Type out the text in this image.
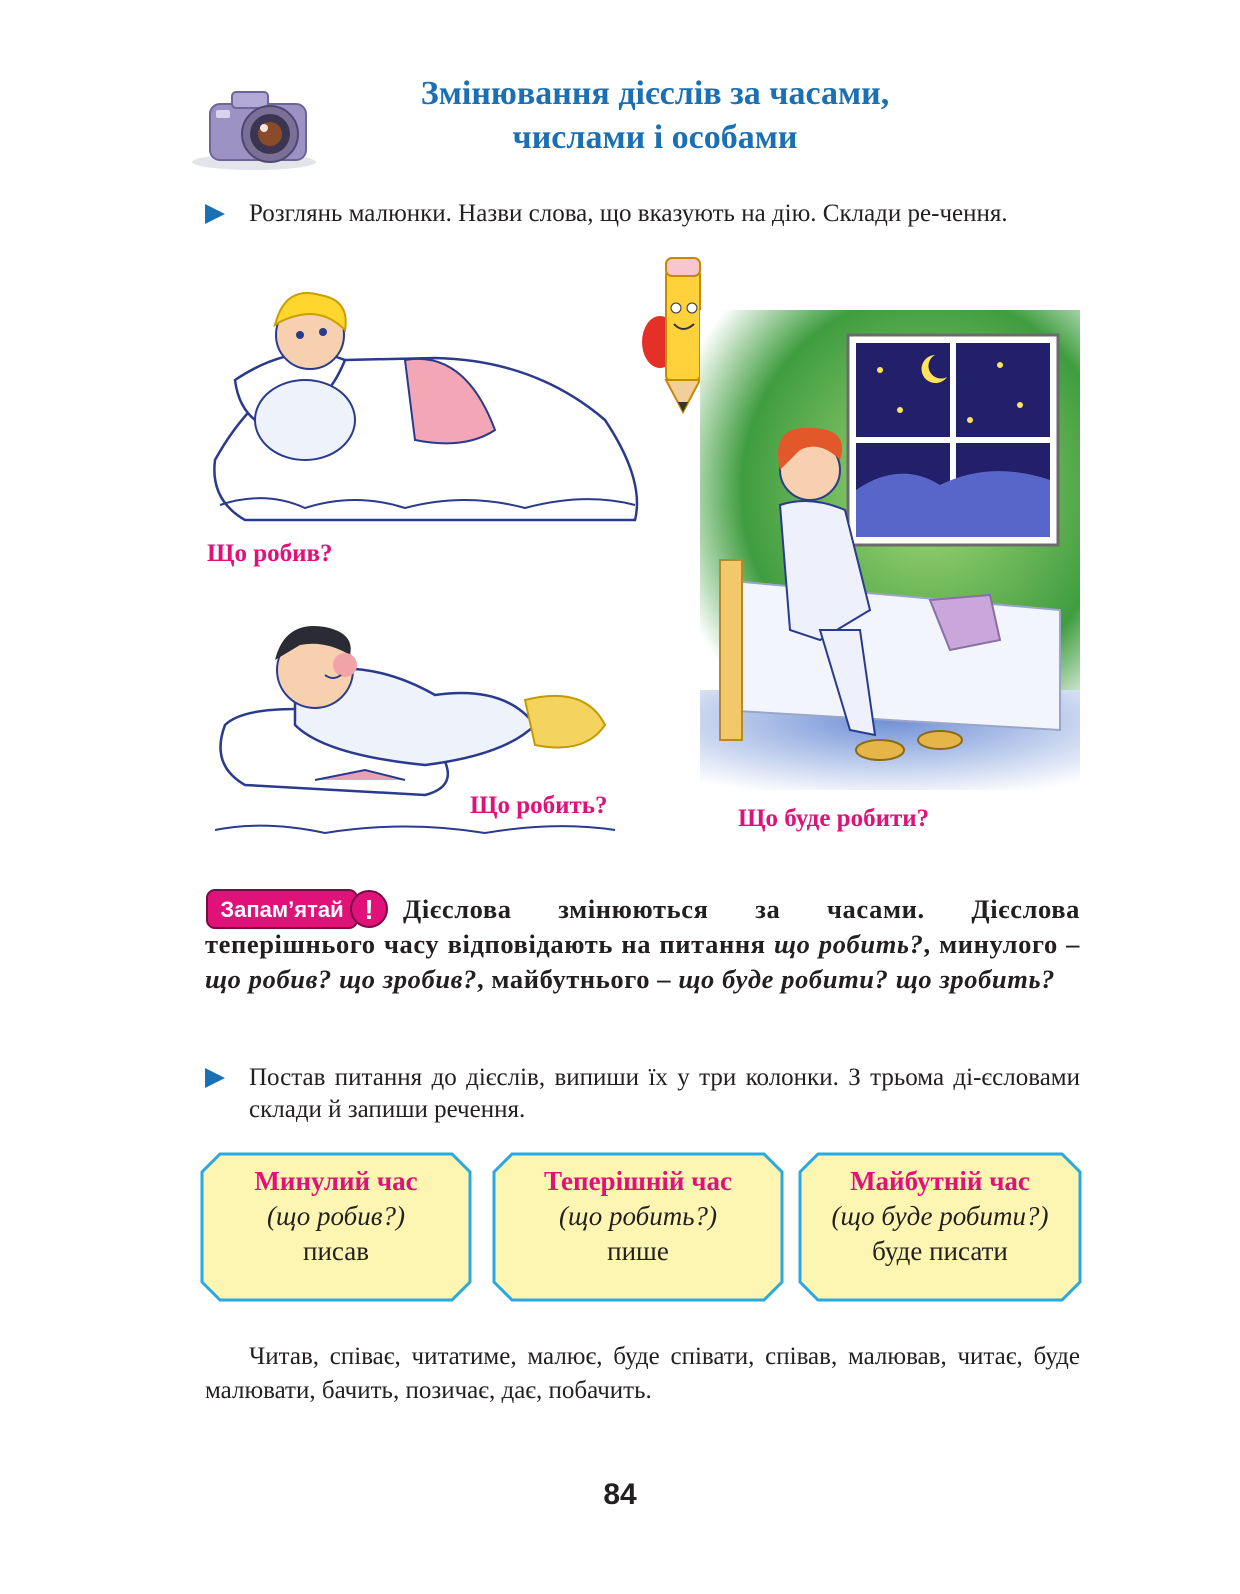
Змінювання дієслів за часами,
числами і особами
Розглянь малюнки. Назви слова, що вказують на дію. Склади ре-чення.
Що робив?
Що робить?	Що буде робити?
Запам’ятай !	Дієслова змінюються за часами. Дієслова теперішнього часу відповідають на питання що робить?, минулого – що робив? що зробив?, майбутнього – що буде робити? що зробить?
Постав питання до дієслів, випиши їх у три колонки. З трьома ді-єсловами склади й запиши речення.
Минулий час
(що робив?)
писав
Теперішній час
(що робить?)
пише
Майбутній час
(що буде робити?)
буде писати
Читав, співає, читатиме, малює, буде співати, співав, малював, читає, буде малювати, бачить, позичає, дає, побачить.
84
